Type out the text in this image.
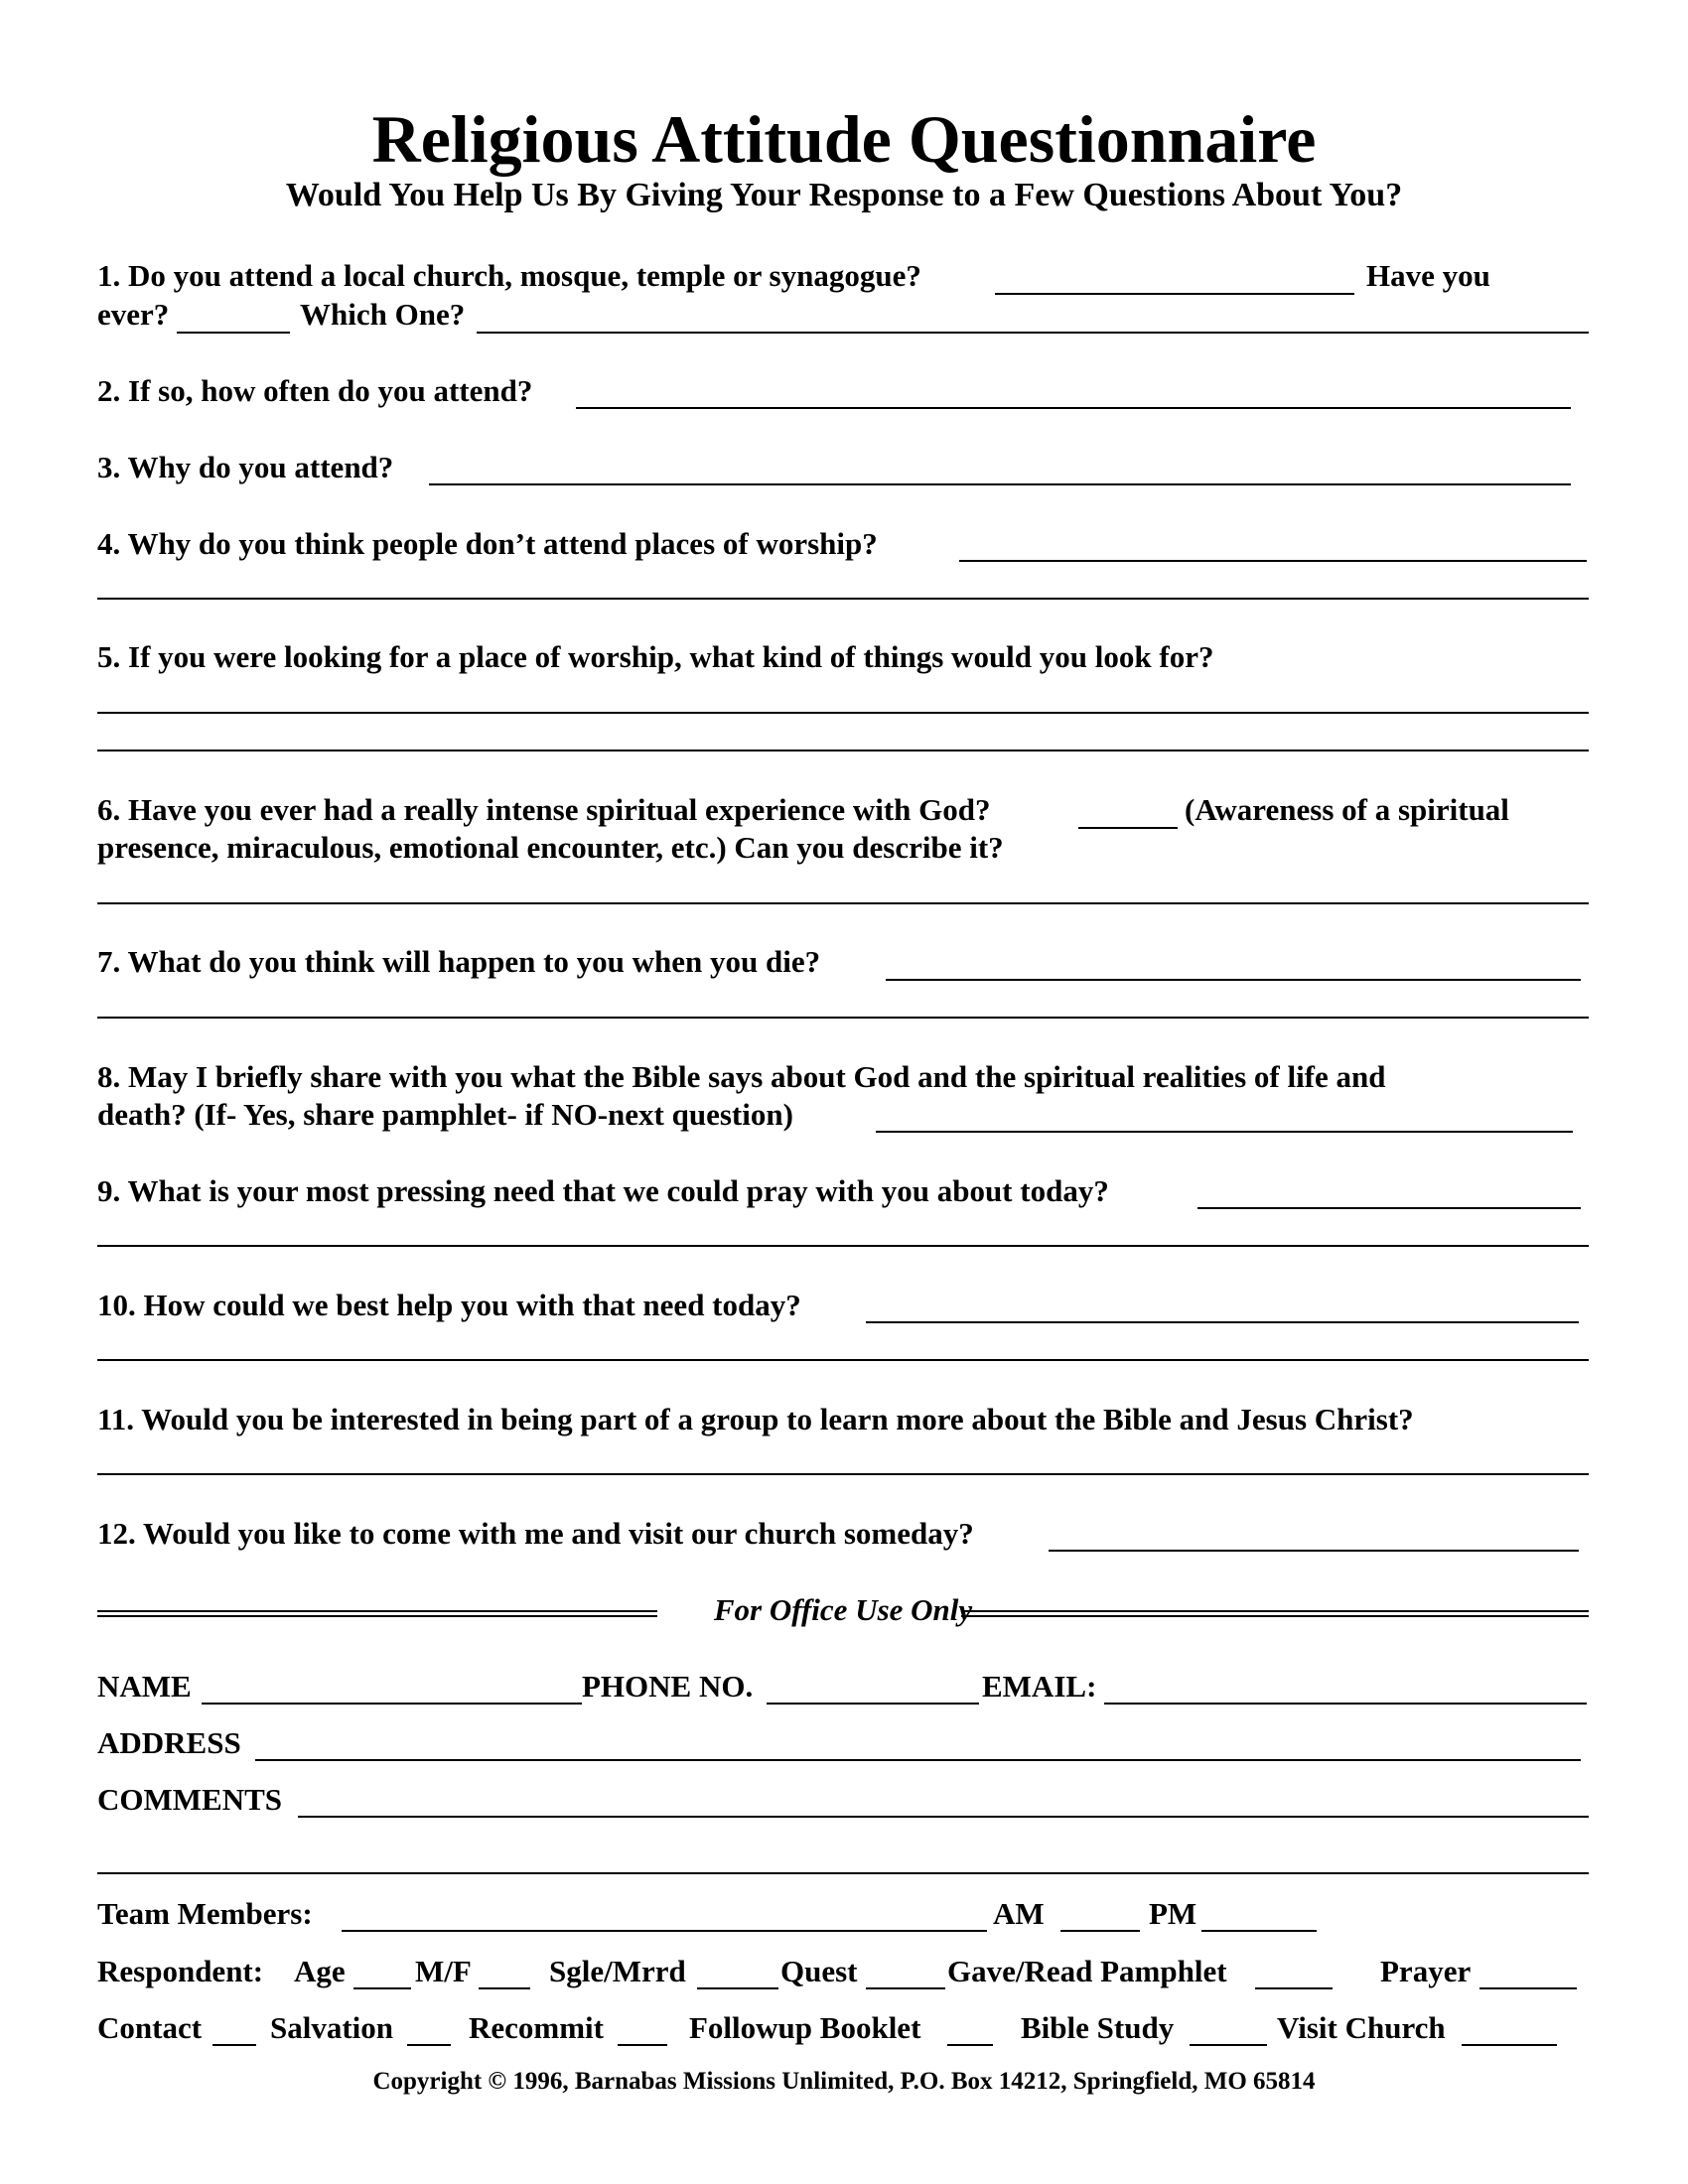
Religious Attitude Questionnaire
Would You Help Us By Giving Your Response to a Few Questions About You?
1. Do you attend a local church, mosque, temple or synagogue?	Have you
ever?	Which One?
2. If so, how often do you attend?
3. Why do you attend?
4. Why do you think people don’t attend places of worship?
5. If you were looking for a place of worship, what kind of things would you look for?
6. Have you ever had a really intense spiritual experience with God?	(Awareness of a spiritual
presence, miraculous, emotional encounter, etc.) Can you describe it?
7. What do you think will happen to you when you die?
8. May I briefly share with you what the Bible says about God and the spiritual realities of life and
death? (If- Yes, share pamphlet- if NO-next question)
9. What is your most pressing need that we could pray with you about today?
10. How could we best help you with that need today?
11. Would you be interested in being part of a group to learn more about the Bible and Jesus Christ?
12. Would you like to come with me and visit our church someday?
For Office Use Only
NAME	PHONE NO.	EMAIL:
ADDRESS
COMMENTS
Team Members:	AM	PM
Respondent: Age M/F	Sgle/Mrrd	Quest	Gave/Read Pamphlet	Prayer
Contact Salvation Recommit	Followup Booklet	Bible Study	Visit Church
Copyright © 1996, Barnabas Missions Unlimited, P.O. Box 14212, Springfield, MO 65814
